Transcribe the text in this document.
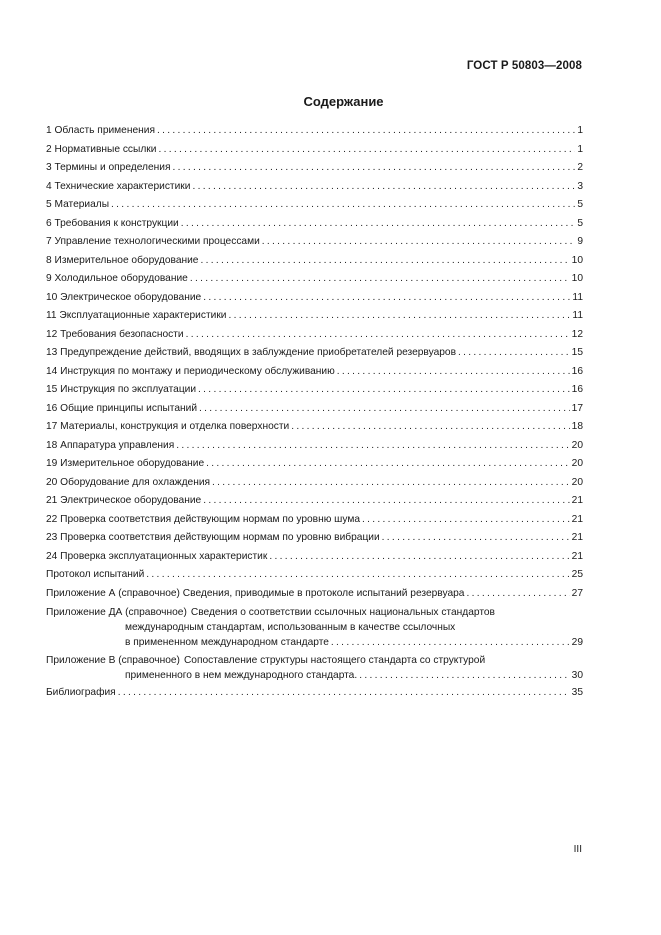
ГОСТ Р 50803—2008
Содержание
1 Область применения .....	1
2 Нормативные ссылки .....	1
3 Термины и определения .....	2
4 Технические характеристики .....	3
5 Материалы .....	5
6 Требования к конструкции .....	5
7 Управление технологическими процессами .....	9
8 Измерительное оборудование .....	10
9 Холодильное оборудование .....	10
10 Электрическое оборудование .....	11
11 Эксплуатационные характеристики .....	11
12 Требования безопасности .....	12
13 Предупреждение действий, вводящих в заблуждение приобретателей резервуаров .....	15
14 Инструкция по монтажу и периодическому обслуживанию .....	16
15 Инструкция по эксплуатации .....	16
16 Общие принципы испытаний .....	17
17 Материалы, конструкция и отделка поверхности .....	18
18 Аппаратура управления .....	20
19 Измерительное оборудование .....	20
20 Оборудование для охлаждения .....	20
21 Электрическое оборудование .....	21
22 Проверка соответствия действующим нормам по уровню шума .....	21
23 Проверка соответствия действующим нормам по уровню вибрации .....	21
24 Проверка эксплуатационных характеристик .....	21
Протокол испытаний .....	25
Приложение А (справочное) Сведения, приводимые в протоколе испытаний резервуара .....	27
Приложение ДА (справочное) Сведения о соответствии ссылочных национальных стандартов
международным стандартам, использованным в качестве ссылочных
в примененном международном стандарте .....	29
Приложение В (справочное) Сопоставление структуры настоящего стандарта со структурой
примененного в нем международного стандарта. .....	30
Библиография .....	35
III
